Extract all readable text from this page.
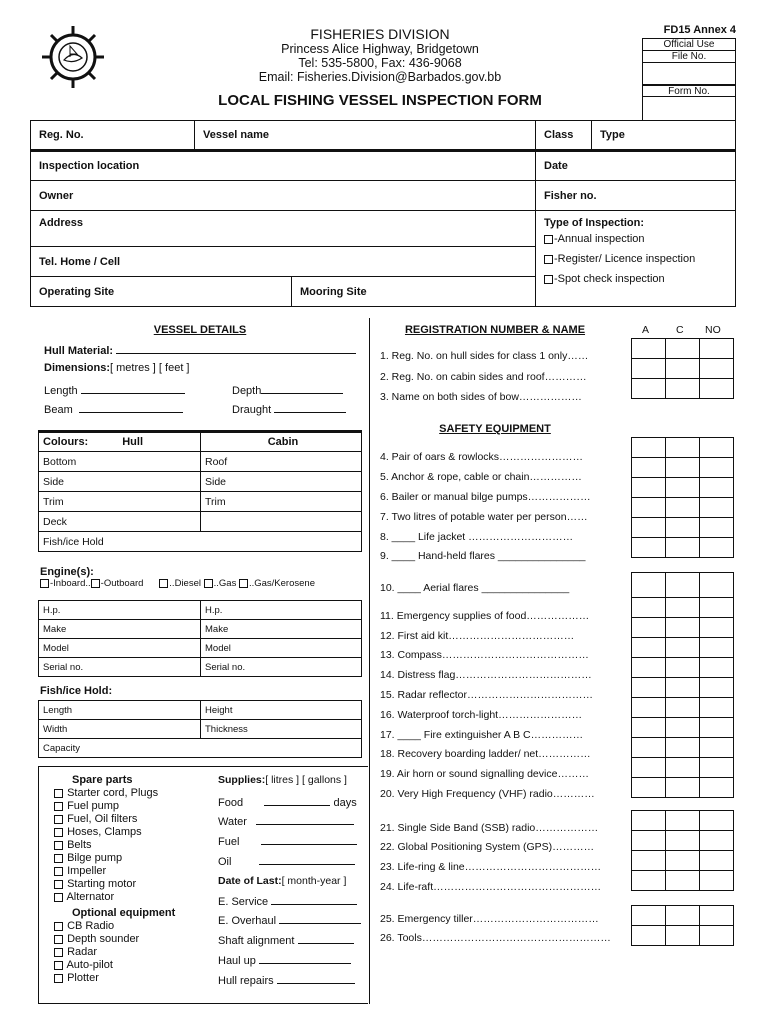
FISHERIES DIVISION
Princess Alice Highway, Bridgetown
Tel: 535-5800, Fax: 436-9068
Email: Fisheries.Division@Barbados.gov.bb
LOCAL FISHING VESSEL INSPECTION FORM
FD15 Annex 4
Official Use
File No.
Form No.
Reg. No.	Vessel name		Class	Type
Inspection location			Date	
Owner			Fisher no.	
Address			Type of Inspection:
-Annual inspection
-Register/ Licence inspection
-Spot check inspection	

Tel. Home / Cell				
Operating Site		Mooring Site		
VESSEL DETAILS
Hull Material:
Dimensions:[ metres ] [ feet ]
Length	Depth
Beam	Draught
Colours: Hull	Cabin
Bottom	Roof
Side	Side
Trim	Trim
Deck	
Fish/ice Hold	
Engine(s):
-Inboard.. -Outboard	..Diesel ..Gas ..Gas/Kerosene
H.p.	H.p.
Make	Make
Model	Model
Serial no.	Serial no.
Fish/ice Hold:
Length	Height
Width	Thickness
Capacity	
Spare parts
Starter cord, Plugs
Fuel pump
Fuel, Oil filters
Hoses, Clamps
Belts
Bilge pump
Impeller
Starting motor
Alternator
Optional equipment
CB Radio
Depth sounder
Radar
Auto-pilot
Plotter
Supplies:[ litres ] [ gallons ]
Food	days
Water
Fuel
Oil
Date of Last:[ month-year ]
E. Service
E. Overhaul
Shaft alignment
Haul up
Hull repairs
REGISTRATION NUMBER & NAME	A	C NO
1. Reg. No. on hull sides for class 1 only……
2. Reg. No. on cabin sides and roof…………
3. Name on both sides of bow………………

SAFETY EQUIPMENT
4. Pair of oars & rowlocks……………………
5. Anchor & rope, cable or chain……………
6. Bailer or manual bilge pumps………………
7. Two litres of potable water per person……
8. ____ Life jacket …………………………
9. ____ Hand-held flares _______________

10. ____ Aerial flares _______________
11. Emergency supplies of food………………
12. First aid kit………………………………
13. Compass……………………………………
14. Distress flag…………………………………
15. Radar reflector………………………………
16. Waterproof torch-light……………………
17. ____ Fire extinguisher A B C……………
18. Recovery boarding ladder/ net……………
19. Air horn or sound signalling device………
20. Very High Frequency (VHF) radio…………

21. Single Side Band (SSB) radio………………
22. Global Positioning System (GPS)…………
23. Life-ring & line…………………………………
24. Life-raft…………………………………………

25. Emergency tiller………………………………
26. Tools………………………………………………
